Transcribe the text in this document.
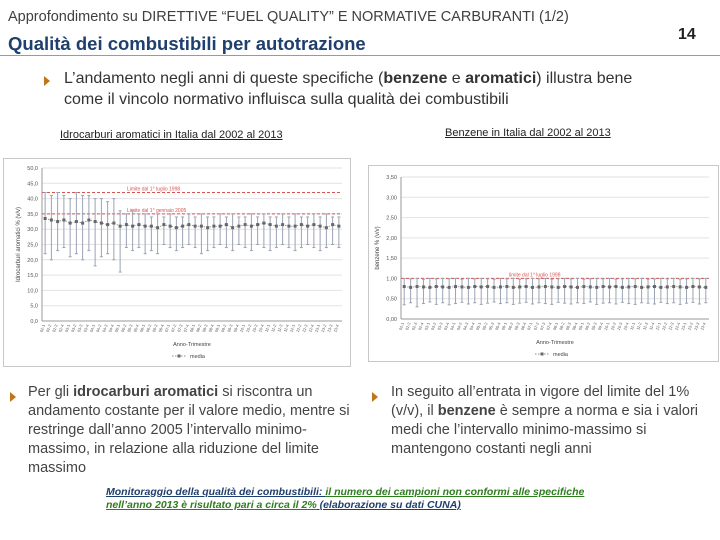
Approfondimento su DIRETTIVE “FUEL QUALITY” E NORMATIVE CARBURANTI (1/2)
Qualità dei combustibili per autotrazione	14
L’andamento negli anni di queste specifiche (benzene e aromatici) illustra bene come il vincolo normativo influisca sulla qualità dei combustibili
Idrocarburi aromatici in Italia dal 2002 al 2013	Benzene in Italia dal 2002 al 2013
0,0
5,0
10,0
15,0
20,0
25,0
30,0
35,0
40,0
45,0
50,0
Idrocarburi aromatici % (v/v)
Limite dal 1° luglio 1998
Limite dal 1° gennaio 2005
02-1
02-2
02-3
02-4
03-1
03-2
03-3
03-4
04-1
04-2
04-3
04-4
05-1
05-2
05-3
05-4
06-1
06-2
06-3
06-4
07-1
07-2
07-3
07-4
08-1
08-2
08-3
08-4
09-1
09-2
09-3
09-4
10-1
10-2
10-3
10-4
11-1
11-2
11-3
11-4
12-1
12-2
12-3
12-4
13-1
13-2
13-3
13-4
Anno-Trimestre
media
0,00
0,50
1,00
1,50
2,00
2,50
3,00
3,50
benzene % (v/v)
limite dal 1° luglio 1998
02-1
02-2
02-3
02-4
03-1
03-2
03-3
03-4
04-1
04-2
04-3
04-4
05-1
05-2
05-3
05-4
06-1
06-2
06-3
06-4
07-1
07-2
07-3
07-4
08-1
08-2
08-3
08-4
09-1
09-2
09-3
09-4
10-1
10-2
10-3
10-4 11-1 11-2 11-3 11-4
12-1
12-2
12-3
12-4
13-1
13-2
13-3
13-4
Anno-Trimestre
media
Per gli idrocarburi aromatici si riscontra un andamento costante per il valore medio, mentre si restringe dall’anno 2005 l’intervallo minimo-massimo, in relazione alla riduzione del limite massimo
In seguito all’entrata in vigore del limite del 1% (v/v), il benzene è sempre a norma e sia i valori medi che l’intervallo minimo-massimo si mantengono costanti negli anni
Monitoraggio della qualità dei combustibili: il numero dei campioni non conformi alle specifiche nell’anno 2013 è risultato pari a circa il 2% (elaborazione su dati CUNA)
